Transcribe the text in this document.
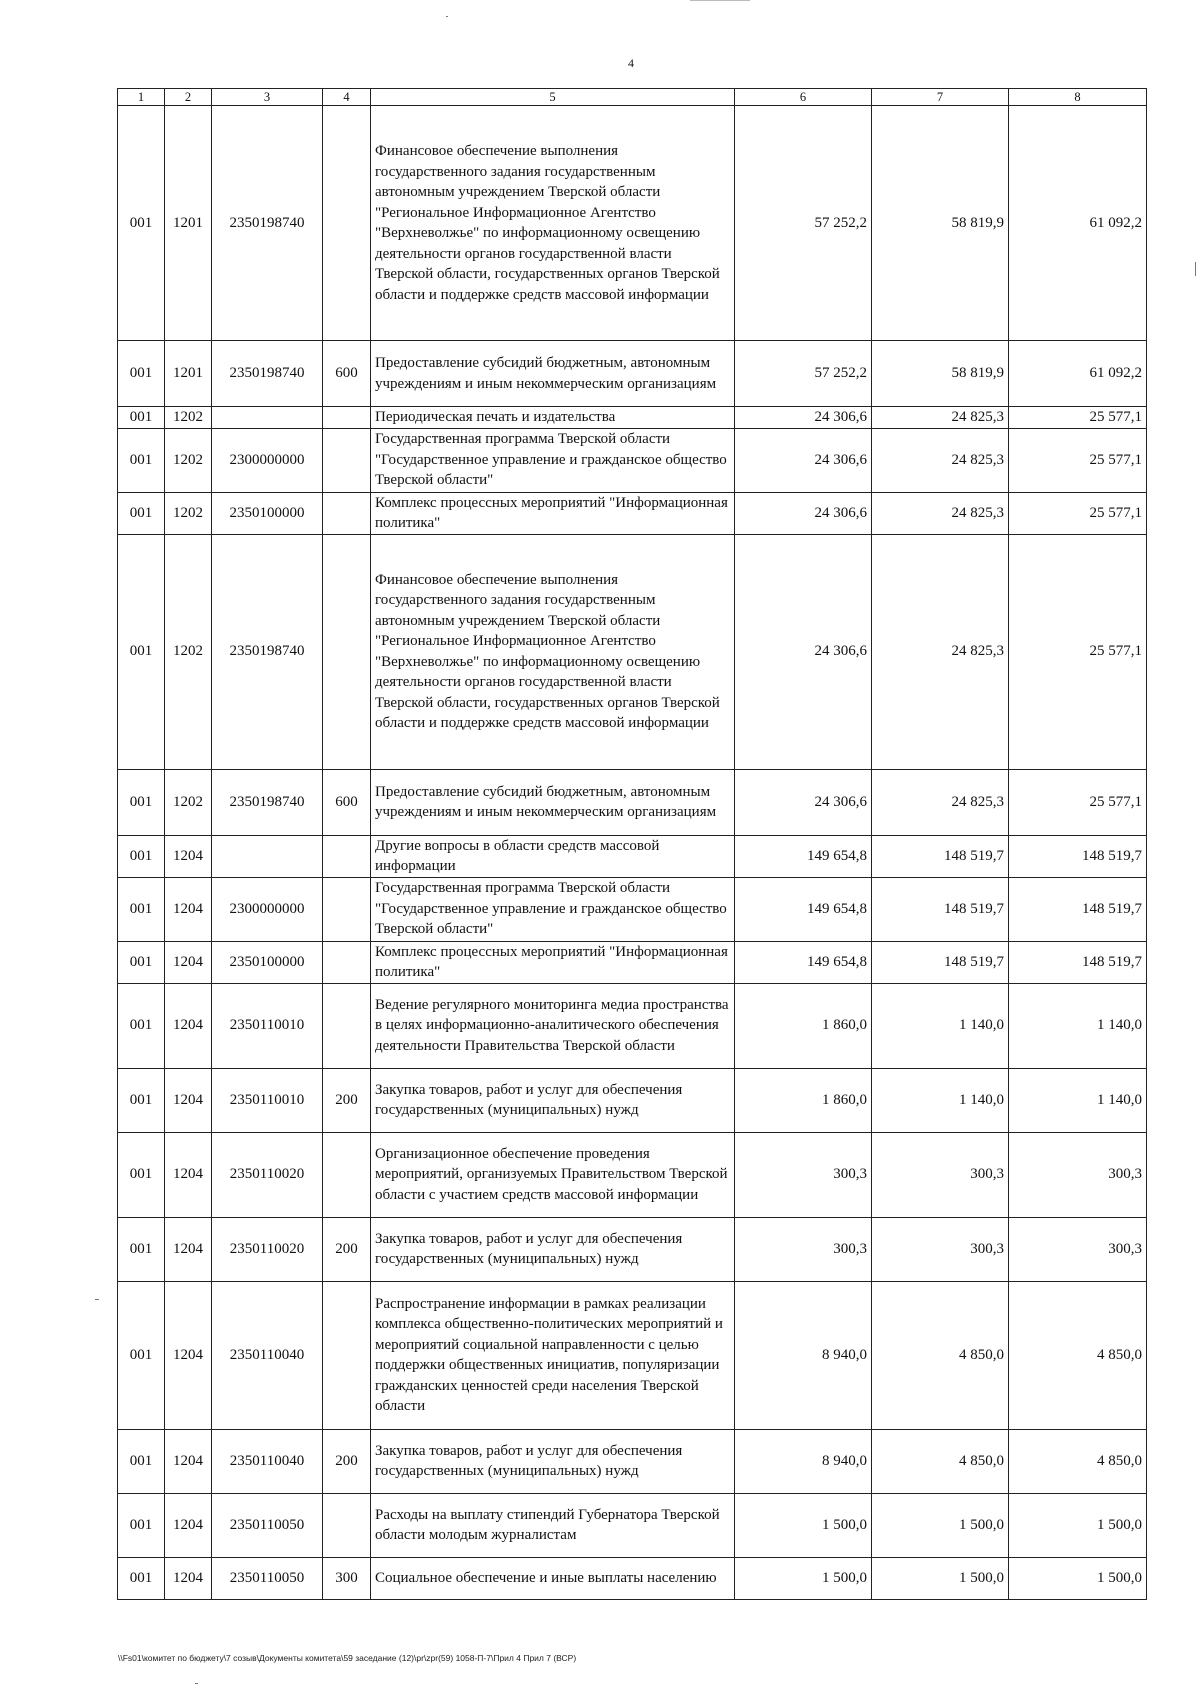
4
1	2	3	4	5	6	7	8
001	1201	2350198740		Финансовое обеспечение выполнения государственного задания государственным автономным учреждением Тверской области "Региональное Информационное Агентство "Верхневолжье" по информационному освещению деятельности органов государственной власти Тверской области, государственных органов Тверской области и поддержке средств массовой информации	57 252,2	58 819,9	61 092,2
001	1201	2350198740	600	Предоставление субсидий бюджетным, автономным учреждениям и иным некоммерческим организациям	57 252,2	58 819,9	61 092,2
001	1202			Периодическая печать и издательства	24 306,6	24 825,3	25 577,1
001	1202	2300000000		Государственная программа Тверской области "Государственное управление и гражданское общество Тверской области"	24 306,6	24 825,3	25 577,1
001	1202	2350100000		Комплекс процессных мероприятий "Информационная политика"	24 306,6	24 825,3	25 577,1
001	1202	2350198740		Финансовое обеспечение выполнения государственного задания государственным автономным учреждением Тверской области "Региональное Информационное Агентство "Верхневолжье" по информационному освещению деятельности органов государственной власти Тверской области, государственных органов Тверской области и поддержке средств массовой информации	24 306,6	24 825,3	25 577,1
001	1202	2350198740	600	Предоставление субсидий бюджетным, автономным учреждениям и иным некоммерческим организациям	24 306,6	24 825,3	25 577,1
001	1204			Другие вопросы в области средств массовой информации	149 654,8	148 519,7	148 519,7
001	1204	2300000000		Государственная программа Тверской области "Государственное управление и гражданское общество Тверской области"	149 654,8	148 519,7	148 519,7
001	1204	2350100000		Комплекс процессных мероприятий "Информационная политика"	149 654,8	148 519,7	148 519,7
001	1204	2350110010		Ведение регулярного мониторинга медиа пространства в целях информационно-аналитического обеспечения деятельности Правительства Тверской области	1 860,0	1 140,0	1 140,0
001	1204	2350110010	200	Закупка товаров, работ и услуг для обеспечения государственных (муниципальных) нужд	1 860,0	1 140,0	1 140,0
001	1204	2350110020		Организационное обеспечение проведения мероприятий, организуемых Правительством Тверской области с участием средств массовой информации	300,3	300,3	300,3
001	1204	2350110020	200	Закупка товаров, работ и услуг для обеспечения государственных (муниципальных) нужд	300,3	300,3	300,3
001	1204	2350110040		Распространение информации в рамках реализации комплекса общественно-политических мероприятий и мероприятий социальной направленности с целью поддержки общественных инициатив, популяризации гражданских ценностей среди населения Тверской области	8 940,0	4 850,0	4 850,0
001	1204	2350110040	200	Закупка товаров, работ и услуг для обеспечения государственных (муниципальных) нужд	8 940,0	4 850,0	4 850,0
001	1204	2350110050		Расходы на выплату стипендий Губернатора Тверской области молодым журналистам	1 500,0	1 500,0	1 500,0
001	1204	2350110050	300	Социальное обеспечение и иные выплаты населению	1 500,0	1 500,0	1 500,0
\\Fs01\комитет по бюджету\7 созыв\Документы комитета\59 заседание (12)\pr\zpr(59) 1058-П-7\Прил 4 Прил 7 (ВСР)
